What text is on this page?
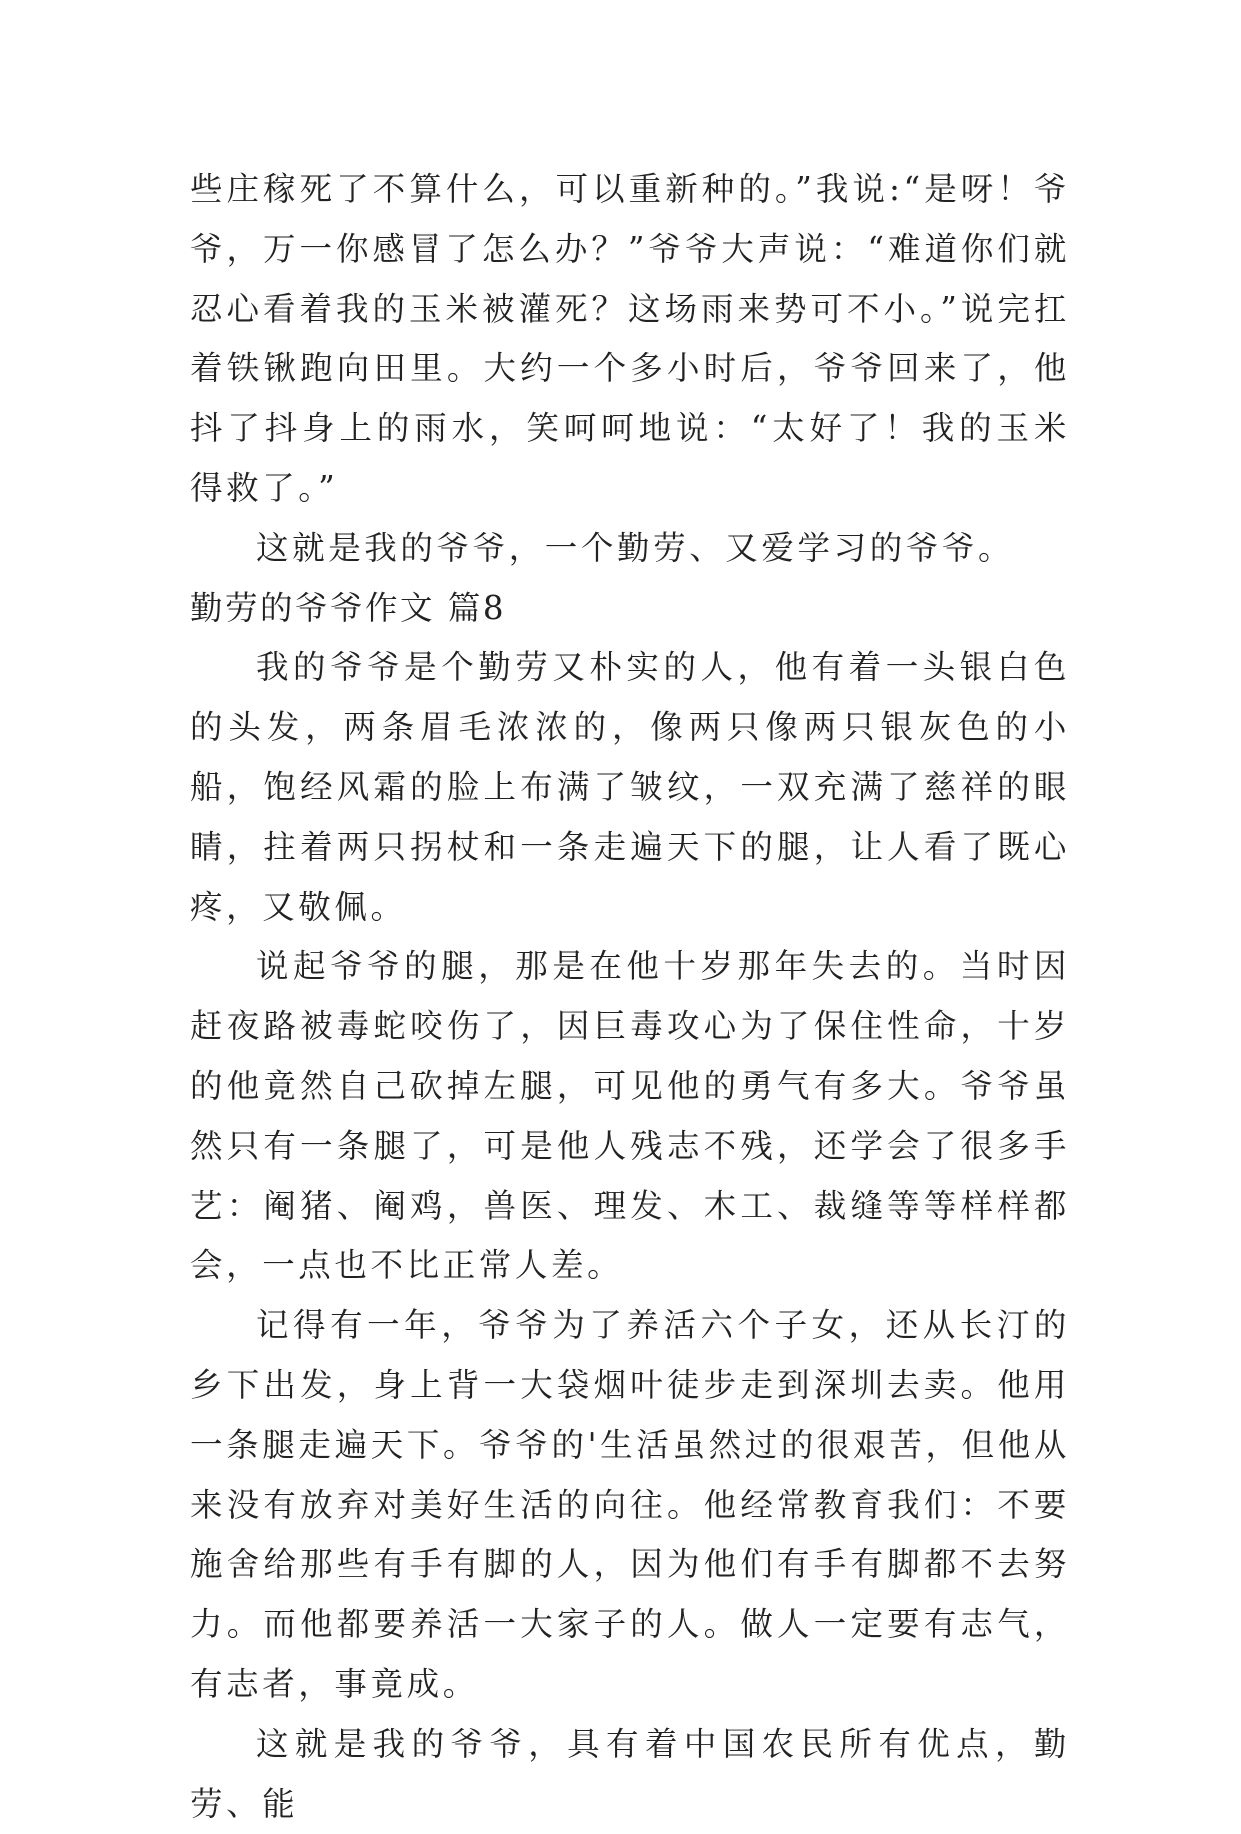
些庄稼死了不算什么，可以重新种的。”我说:“是呀！爷爷，万一你感冒了怎么办？”爷爷大声说：“难道你们就忍心看着我的玉米被灌死？这场雨来势可不小。”说完扛着铁锹跑向田里。大约一个多小时后，爷爷回来了，他抖了抖身上的雨水，笑呵呵地说：“太好了！我的玉米得救了。”

这就是我的爷爷，一个勤劳、又爱学习的爷爷。

勤劳的爷爷作文 篇8

我的爷爷是个勤劳又朴实的人，他有着一头银白色的头发，两条眉毛浓浓的，像两只像两只银灰色的小船，饱经风霜的脸上布满了皱纹，一双充满了慈祥的眼睛，拄着两只拐杖和一条走遍天下的腿，让人看了既心疼，又敬佩。

说起爷爷的腿，那是在他十岁那年失去的。当时因赶夜路被毒蛇咬伤了，因巨毒攻心为了保住性命，十岁的他竟然自己砍掉左腿，可见他的勇气有多大。爷爷虽然只有一条腿了，可是他人残志不残，还学会了很多手艺：阉猪、阉鸡，兽医、理发、木工、裁缝等等样样都会，一点也不比正常人差。

记得有一年，爷爷为了养活六个子女，还从长汀的乡下出发，身上背一大袋烟叶徒步走到深圳去卖。他用一条腿走遍天下。爷爷的'生活虽然过的很艰苦，但他从来没有放弃对美好生活的向往。他经常教育我们：不要施舍给那些有手有脚的人，因为他们有手有脚都不去努力。而他都要养活一大家子的人。做人一定要有志气，有志者，事竟成。

这就是我的爷爷，具有着中国农民所有优点，勤劳、能
